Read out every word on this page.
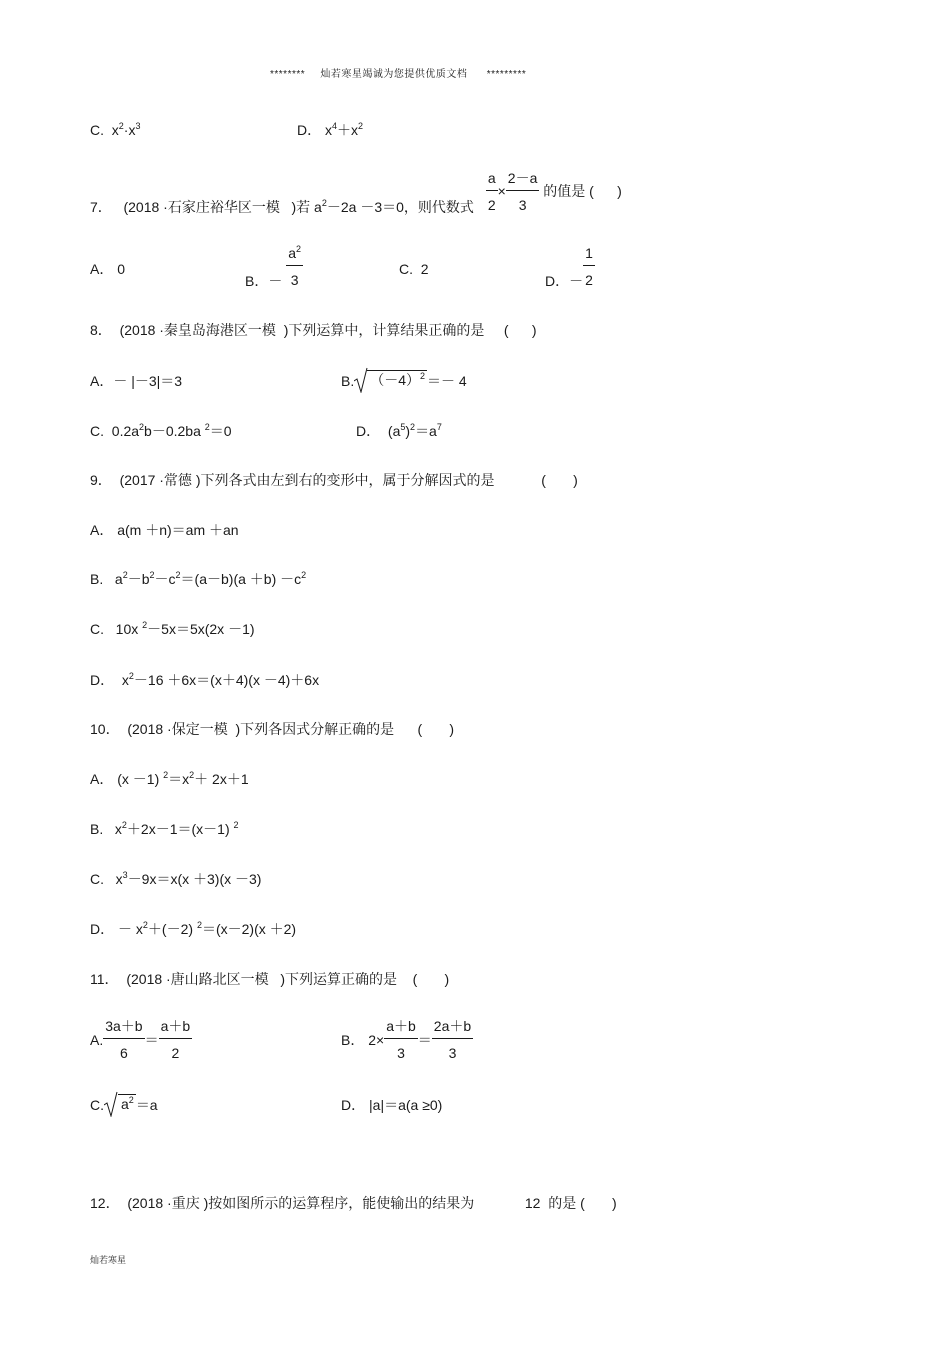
******** 灿若寒星竭诚为您提供优质文档 *********
C.  $x^2\cdot x^3$	D． $x^4+x^2$
7． (2018 ·石家庄裕华区一模 )若 $a^2-2a -3=0$，则代数式 $\frac{a}{2} \times \frac{2-a}{3}$ 的值是 ( )
A． 0
B．－ $\frac{a^2}{3}$	C. 2
D．－ $\frac{1}{2}$
8． (2018 ·秦皇岛海港区一模 )下列运算中，计算结果正确的是 ( )
A．－ |－3|＝3	B. $(-4)^2 =- 4$
C. $0.2a^2b-0.2ba$ $^2$＝0	D． $(a^5)^2=a^7$
9． (2017 ·常德 )下列各式由左到右的变形中，属于分解因式的是	( )
A． a(m ＋n)＝am ＋an
B.   $a^2-b^2-c^2=(a-b)(a +b) -c^2$
C. 10x $^2$－5x＝5x(2x －1)
D．  $x^2-16 +6x=(x+4)(x -4)+6x$
10． (2018 ·保定一模 )下列各因式分解正确的是 ( )
A． (x －1) $^2=x^2+ 2x+1$
B.   $x^2+2x-1=(x-1)$ $^2$
C.   $x^3-9x=x(x +3)(x -3)$
D． － $x^2+(-2)$ $^2$＝(x－2)(x ＋2)
11． (2018 ·唐山路北区一模 )下列运算正确的是 ( )
A. $\frac{3a+b}{6} = \frac{a+b}{2}$	B． $2\times \frac{a+b}{3} = \frac{2a+b}{3}$
C. $a^2 =a$	D． |a|＝a(a ≥0)
12． (2018 ·重庆 )按如图所示的运算程序，能使输出的结果为	12 的是 ( )
灿若寒星
